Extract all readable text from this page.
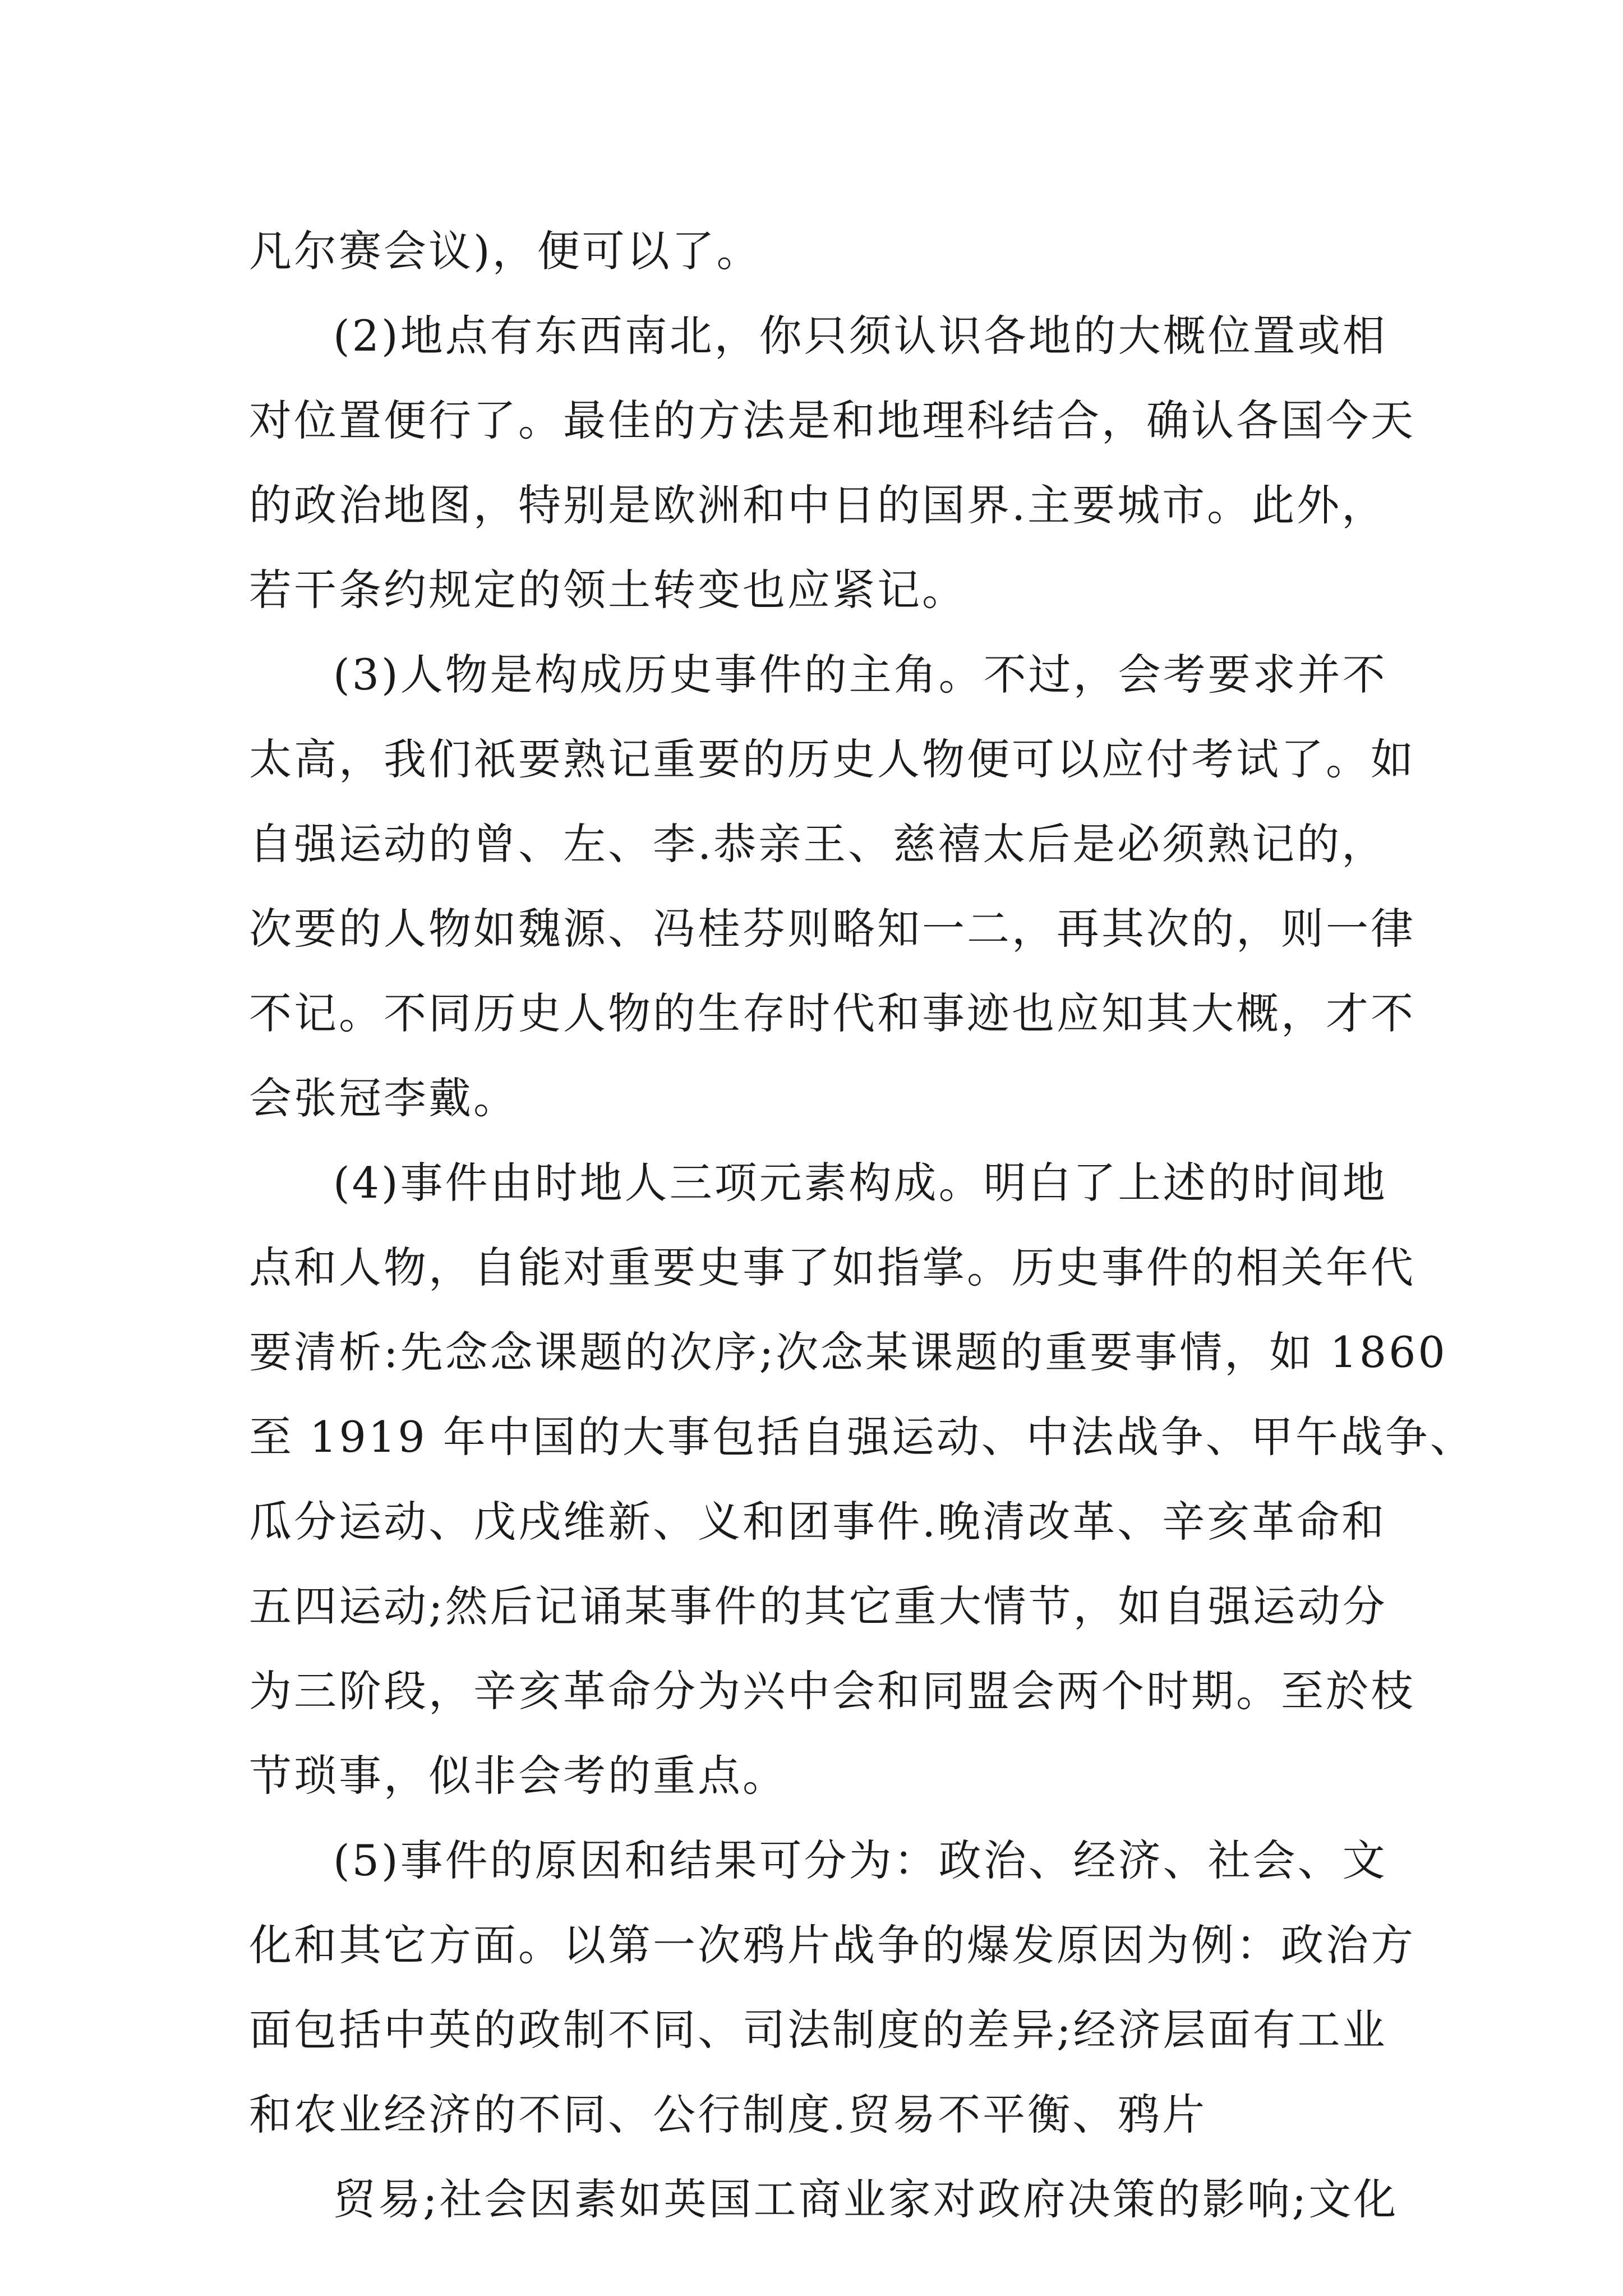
凡尔赛会议)，便可以了。
(2)地点有东西南北，你只须认识各地的大概位置或相
对位置便行了。最佳的方法是和地理科结合，确认各国今天
的政治地图，特别是欧洲和中日的国界.主要城市。此外，
若干条约规定的领土转变也应紧记。
(3)人物是构成历史事件的主角。不过，会考要求并不
太高，我们祇要熟记重要的历史人物便可以应付考试了。如
自强运动的曾、左、李.恭亲王、慈禧太后是必须熟记的，
次要的人物如魏源、冯桂芬则略知一二，再其次的，则一律
不记。不同历史人物的生存时代和事迹也应知其大概，才不
会张冠李戴。
(4)事件由时地人三项元素构成。明白了上述的时间地
点和人物，自能对重要史事了如指掌。历史事件的相关年代
要清析:先念念课题的次序;次念某课题的重要事情，如 1860
至 1919 年中国的大事包括自强运动、中法战争、甲午战争、
瓜分运动、戊戌维新、义和团事件.晚清改革、辛亥革命和
五四运动;然后记诵某事件的其它重大情节，如自强运动分
为三阶段，辛亥革命分为兴中会和同盟会两个时期。至於枝
节琐事，似非会考的重点。
(5)事件的原因和结果可分为：政治、经济、社会、文
化和其它方面。以第一次鸦片战争的爆发原因为例：政治方
面包括中英的政制不同、司法制度的差异;经济层面有工业
和农业经济的不同、公行制度.贸易不平衡、鸦片
贸易;社会因素如英国工商业家对政府决策的影响;文化
